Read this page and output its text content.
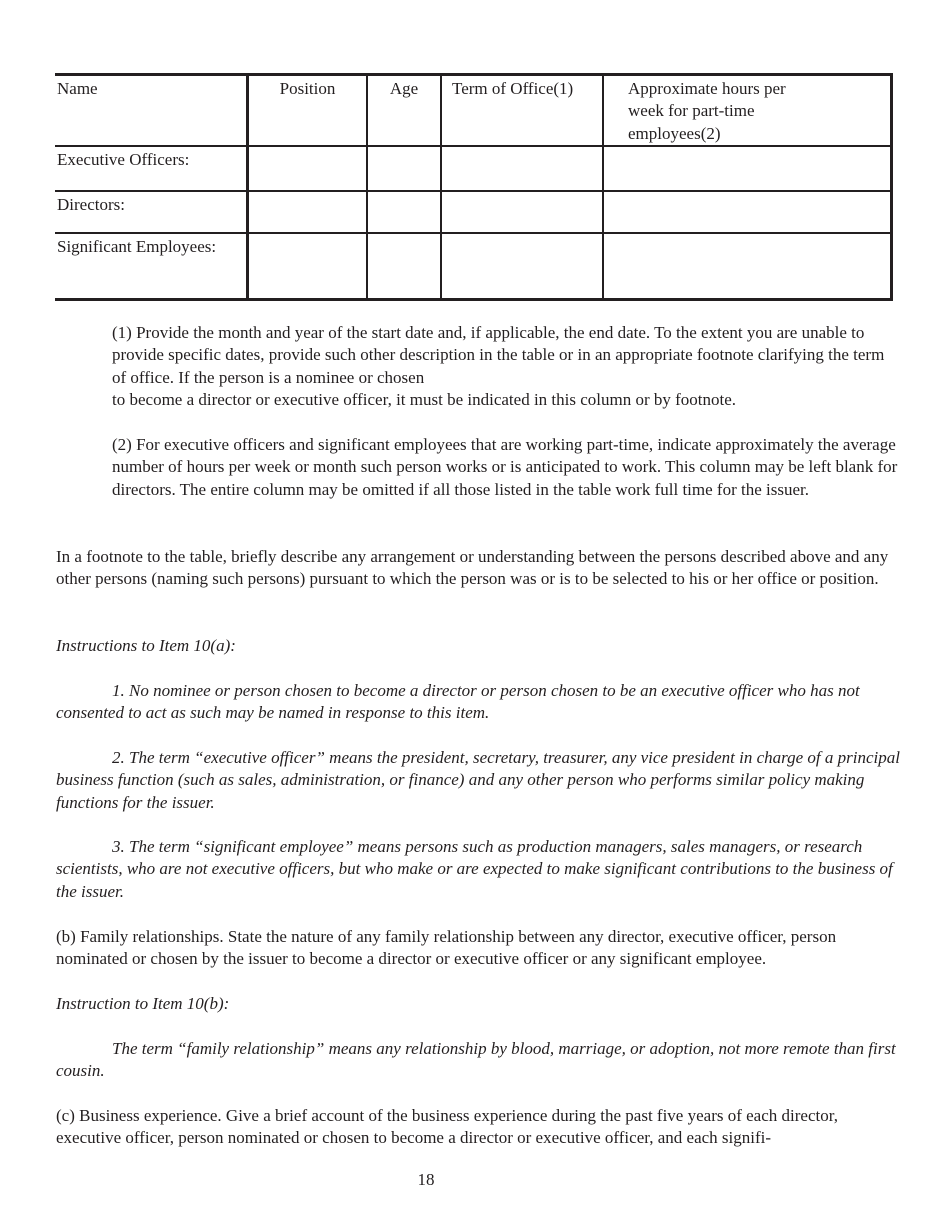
Name	Position	Age	Term of Office(1)	Approximate hours per week for part-time employees(2)
Executive Officers:				
Directors:				
Significant Employees:				
(1) Provide the month and year of the start date and, if applicable, the end date. To the extent you are unable to provide specific dates, provide such other description in the table or in an appropriate footnote clarifying the term of office. If the person is a nominee or chosen
to become a director or executive officer, it must be indicated in this column or by footnote.

(2) For executive officers and significant employees that are working part-time, indicate approximately the average number of hours per week or month such person works or is anticipated to work. This column may be left blank for directors. The entire column may be omitted if all those listed in the table work full time for the issuer.

In a footnote to the table, briefly describe any arrangement or understanding between the persons described above and any other persons (naming such persons) pursuant to which the person was or is to be selected to his or her office or position.

Instructions to Item 10(a):

1. No nominee or person chosen to become a director or person chosen to be an executive officer who has not consented to act as such may be named in response to this item.

2. The term “executive officer” means the president, secretary, treasurer, any vice president in charge of a principal business function (such as sales, administration, or finance) and any other person who performs similar policy making functions for the issuer.

3. The term “significant employee” means persons such as production managers, sales managers, or research scientists, who are not executive officers, but who make or are expected to make significant contributions to the business of the issuer.

(b) Family relationships. State the nature of any family relationship between any director, executive officer, person nominated or chosen by the issuer to become a director or executive officer or any significant employee.

Instruction to Item 10(b):

The term “family relationship” means any relationship by blood, marriage, or adoption, not more remote than first cousin.

(c) Business experience. Give a brief account of the business experience during the past five years of each director, executive officer, person nominated or chosen to become a director or executive officer, and each signifi-

18
